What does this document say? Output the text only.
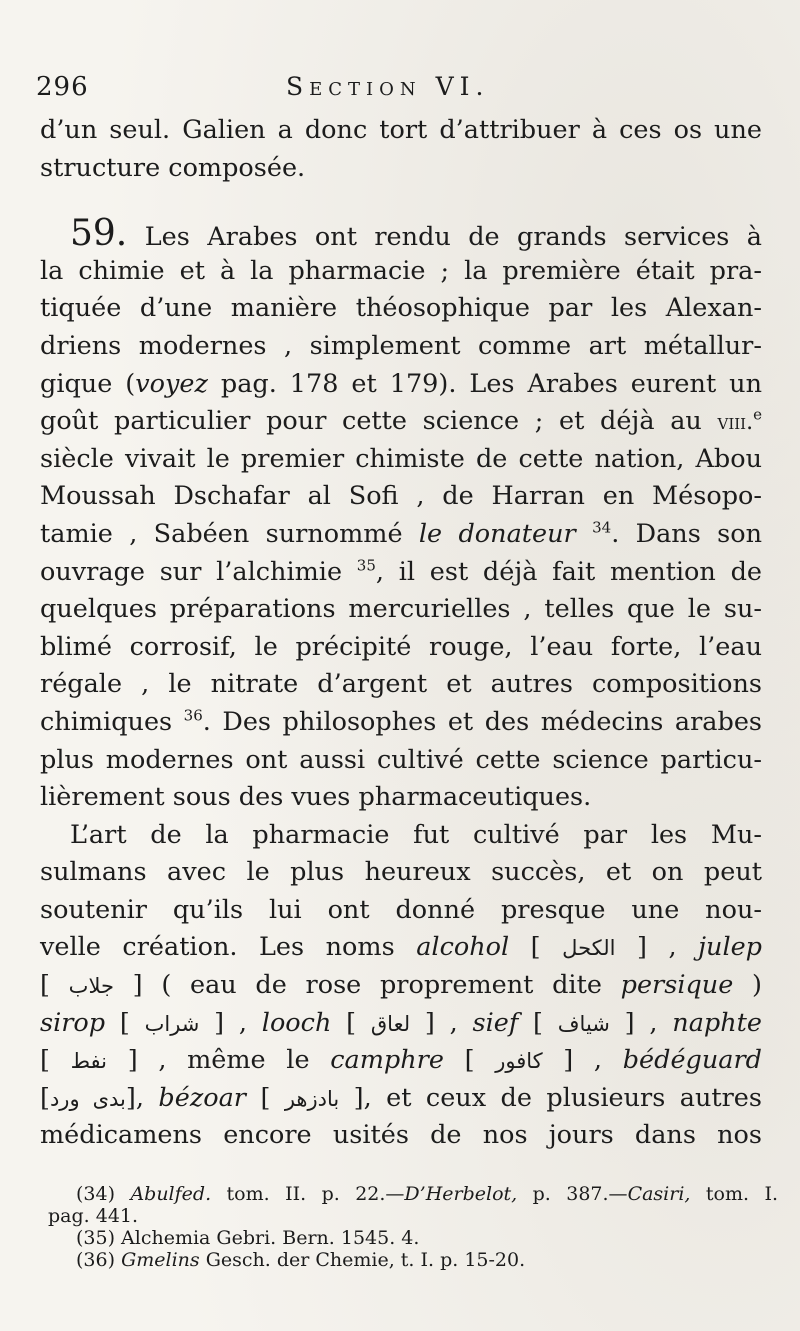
296	Section VI.
d’un seul. Galien a donc tort d’attribuer à ces os une
structure composée.
59. Les Arabes ont rendu de grands services à
la chimie et à la pharmacie ; la première était pra-
tiquée d’une manière théosophique par les Alexan-
driens modernes , simplement comme art métallur-
gique (voyez pag. 178 et 179). Les Arabes eurent un
goût particulier pour cette science ; et déjà au viii.$^e$
siècle vivait le premier chimiste de cette nation, Abou
Moussah Dschafar al Sofi , de Harran en Mésopo-
tamie , Sabéen surnommé le donateur $^{34}$. Dans son
ouvrage sur l’alchimie $^{35}$, il est déjà fait mention de
quelques préparations mercurielles , telles que le su-
blimé corrosif, le précipité rouge, l’eau forte, l’eau
régale , le nitrate d’argent et autres compositions
chimiques $^{36}$. Des philosophes et des médecins arabes
plus modernes ont aussi cultivé cette science particu-
lièrement sous des vues pharmaceutiques.
L’art de la pharmacie fut cultivé par les Mu-
sulmans avec le plus heureux succès, et on peut
soutenir qu’ils lui ont donné presque une nou-
velle création. Les noms alcohol [ الكحل ] , julep
[ جلاب ] ( eau de rose proprement dite persique )
sirop [ شراب ] , looch [ لعاق ] , sief [ شياف ] , naphte
[ نفط ] , même le camphre [ كافور ] , bédéguard
[بدى ورد], bézoar [ بادزهر ], et ceux de plusieurs autres
médicamens encore usités de nos jours dans nos
(34) Abulfed. tom. II. p. 22.—D’Herbelot, p. 387.—Casiri, tom. I.
pag. 441.
(35) Alchemia Gebri. Bern. 1545. 4.
(36) Gmelins Gesch. der Chemie, t. I. p. 15-20.
